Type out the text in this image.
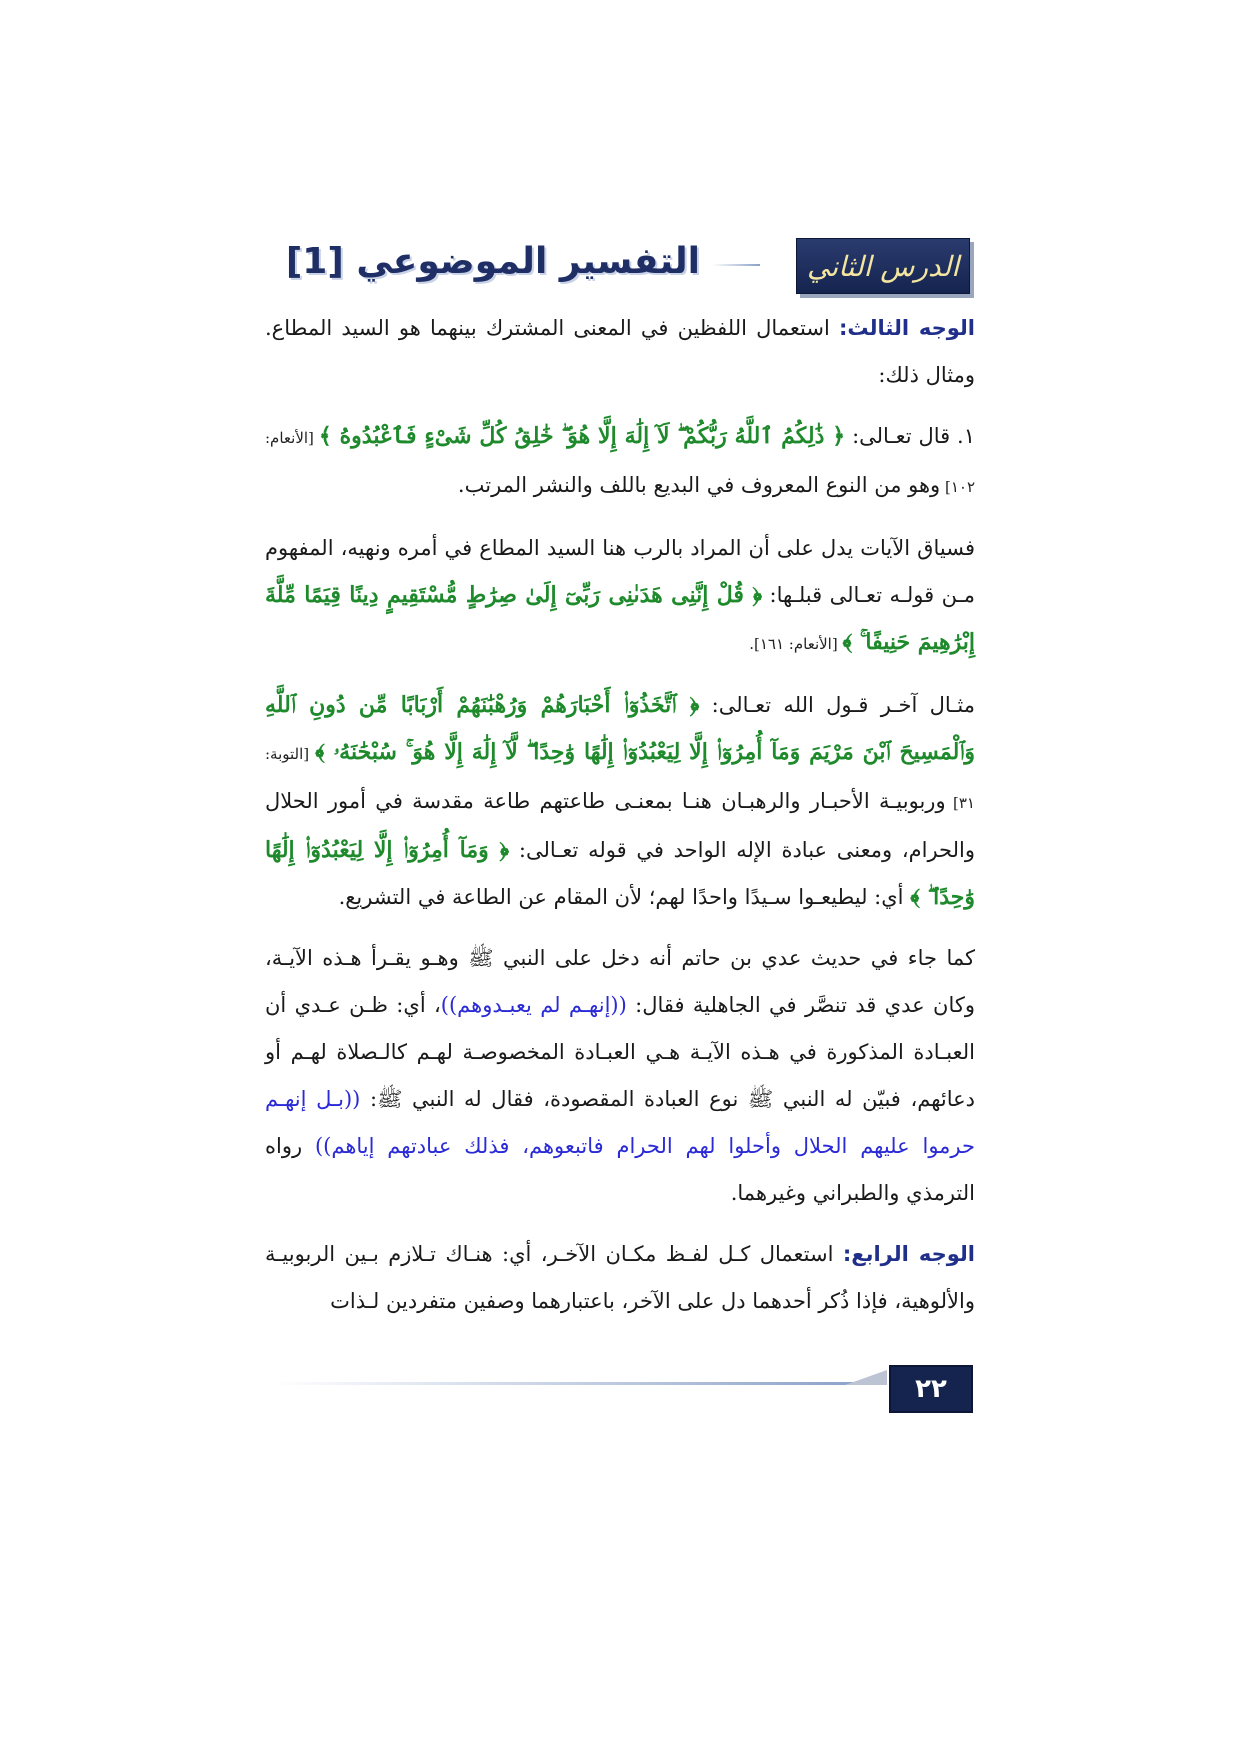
الدرس الثاني
التفسير الموضوعي [1]

الوجه الثالث: استعمال اللفظين في المعنى المشترك بينهما هو السيد المطاع. ومثال ذلك:

١. قال تعـالى: ﴿ ذَٰلِكُمُ ٱللَّهُ رَبُّكُمْ ۖ لَآ إِلَٰهَ إِلَّا هُوَ ۖ خَٰلِقُ كُلِّ شَىْءٍ فَٱعْبُدُوهُ ﴾ [الأنعام: ١٠٢] وهو من النوع المعروف في البديع باللف والنشر المرتب.

فسياق الآيات يدل على أن المراد بالرب هنا السيد المطاع في أمره ونهيه، المفهوم مـن قولـه تعـالى قبلـها: ﴿ قُلْ إِنَّنِى هَدَىٰنِى رَبِّىٓ إِلَىٰ صِرَٰطٍ مُّسْتَقِيمٍ دِينًا قِيَمًا مِّلَّةَ إِبْرَٰهِيمَ حَنِيفًا ۚ ﴾ [الأنعام: ١٦١].

مثـال آخـر قـول الله تعـالى: ﴿ ٱتَّخَذُوٓا۟ أَحْبَارَهُمْ وَرُهْبَٰنَهُمْ أَرْبَابًا مِّن دُونِ ٱللَّهِ وَٱلْمَسِيحَ ٱبْنَ مَرْيَمَ وَمَآ أُمِرُوٓا۟ إِلَّا لِيَعْبُدُوٓا۟ إِلَٰهًا وَٰحِدًا ۖ لَّآ إِلَٰهَ إِلَّا هُوَ ۚ سُبْحَٰنَهُۥ ﴾ [التوبة: ٣١] وربوبيـة الأحبـار والرهبـان هنـا بمعنـى طاعتهم طاعة مقدسة في أمور الحلال والحرام، ومعنى عبادة الإله الواحد في قوله تعـالى: ﴿ وَمَآ أُمِرُوٓا۟ إِلَّا لِيَعْبُدُوٓا۟ إِلَٰهًا وَٰحِدًا ۖ ﴾ أي: ليطيعـوا سـيدًا واحدًا لهم؛ لأن المقام عن الطاعة في التشريع.

كما جاء في حديث عدي بن حاتم أنه دخل على النبي ﷺ وهـو يقـرأ هـذه الآيـة، وكان عدي قد تنصَّر في الجاهلية فقال: ((إنهـم لم يعبـدوهم))، أي: ظـن عـدي أن العبـادة المذكورة في هـذه الآيـة هـي العبـادة المخصوصـة لهـم كالـصلاة لهـم أو دعائهم، فبيّن له النبي ﷺ نوع العبادة المقصودة، فقال له النبي ﷺ: ((بـل إنهـم حرموا عليهم الحلال وأحلوا لهم الحرام فاتبعوهم، فذلك عبادتهم إياهم)) رواه الترمذي والطبراني وغيرهما.

الوجه الرابع: استعمال كـل لفـظ مكـان الآخـر، أي: هنـاك تـلازم بـين الربوبيـة والألوهية، فإذا ذُكر أحدهما دل على الآخر، باعتبارهما وصفين متفردين لـذات

٢٢
